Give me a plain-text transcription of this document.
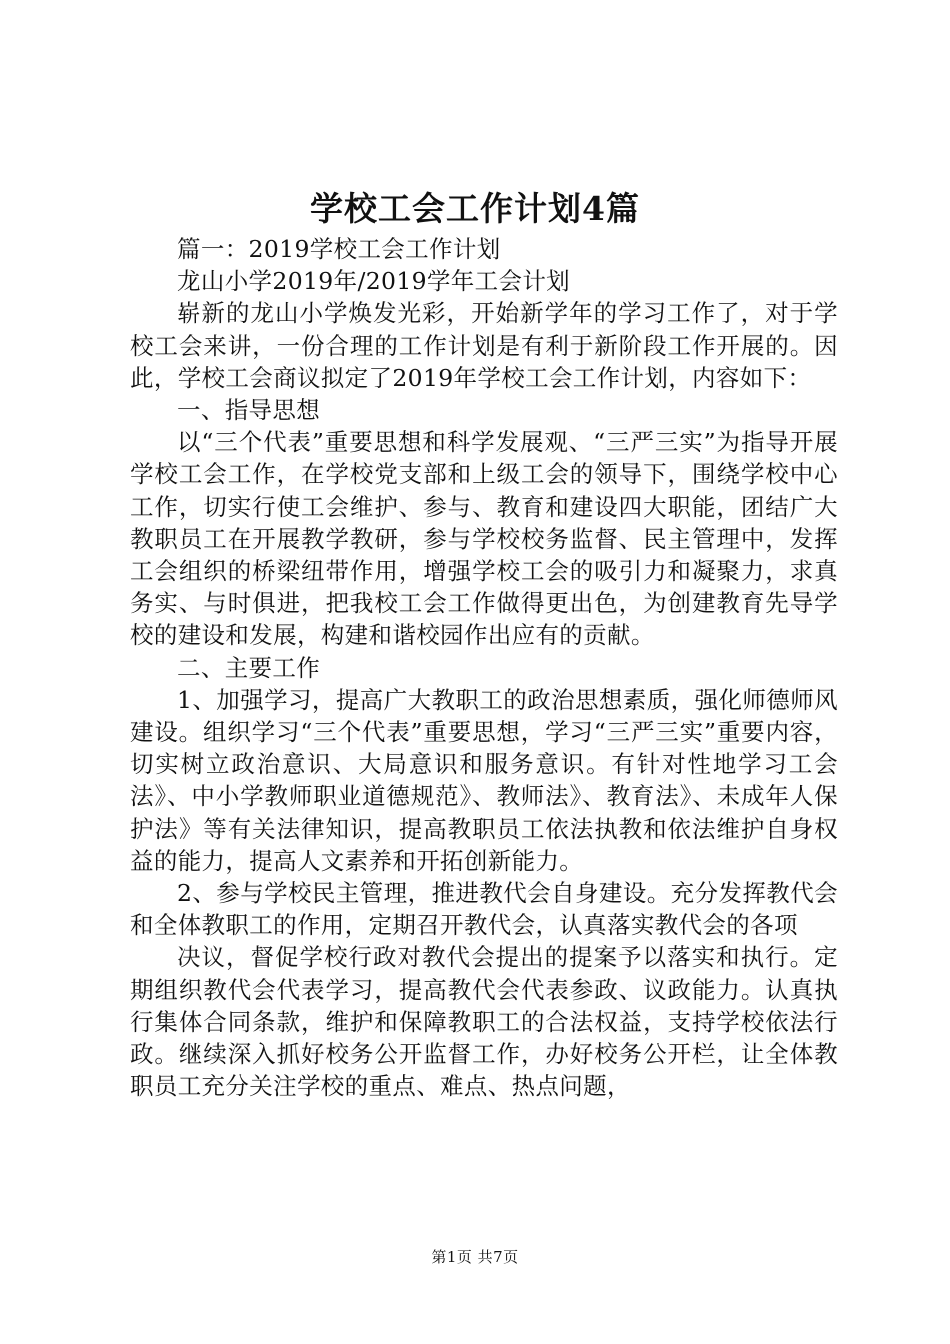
学校工会工作计划4篇

篇一：2019学校工会工作计划

龙山小学2019年/2019学年工会计划

崭新的龙山小学焕发光彩，开始新学年的学习工作了，对于学校工会来讲，一份合理的工作计划是有利于新阶段工作开展的。因此，学校工会商议拟定了2019年学校工会工作计划，内容如下：

一、指导思想

以“三个代表”重要思想和科学发展观、“三严三实”为指导开展学校工会工作，在学校党支部和上级工会的领导下，围绕学校中心工作，切实行使工会维护、参与、教育和建设四大职能，团结广大教职员工在开展教学教研，参与学校校务监督、民主管理中，发挥工会组织的桥梁纽带作用，增强学校工会的吸引力和凝聚力，求真务实、与时俱进，把我校工会工作做得更出色，为创建教育先导学校的建设和发展，构建和谐校园作出应有的贡献。

二、主要工作

1、加强学习，提高广大教职工的政治思想素质，强化师德师风建设。组织学习“三个代表”重要思想，学习“三严三实”重要内容，切实树立政治意识、大局意识和服务意识。有针对性地学习工会法》、中小学教师职业道德规范》、教师法》、教育法》、未成年人保护法》等有关法律知识，提高教职员工依法执教和依法维护自身权益的能力，提高人文素养和开拓创新能力。

2、参与学校民主管理，推进教代会自身建设。充分发挥教代会和全体教职工的作用，定期召开教代会，认真落实教代会的各项

决议，督促学校行政对教代会提出的提案予以落实和执行。定期组织教代会代表学习，提高教代会代表参政、议政能力。认真执行集体合同条款，维护和保障教职工的合法权益，支持学校依法行政。继续深入抓好校务公开监督工作，办好校务公开栏，让全体教职员工充分关注学校的重点、难点、热点问题，

第1页 共7页
